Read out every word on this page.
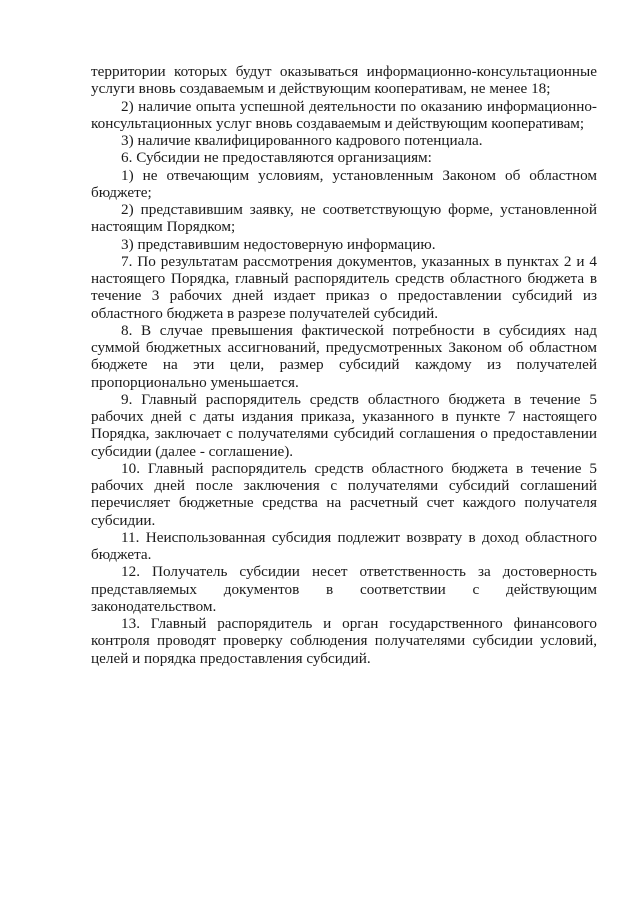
территории которых будут оказываться информационно-консультационные
услуги вновь создаваемым и действующим кооперативам, не менее 18;
2) наличие опыта успешной деятельности по оказанию информационно-
консультационных услуг вновь создаваемым и действующим кооперативам;
3) наличие квалифицированного кадрового потенциала.
6. Субсидии не предоставляются организациям:
1) не отвечающим условиям, установленным Законом об областном
бюджете;
2) представившим заявку, не соответствующую форме, установленной
настоящим Порядком;
3) представившим недостоверную информацию.
7. По результатам рассмотрения документов, указанных в пунктах 2 и 4
настоящего Порядка, главный распорядитель средств областного бюджета в
течение 3 рабочих дней издает приказ о предоставлении субсидий из
областного бюджета в разрезе получателей субсидий.
8. В случае превышения фактической потребности в субсидиях над
суммой бюджетных ассигнований, предусмотренных Законом об областном
бюджете на эти цели, размер субсидий каждому из получателей
пропорционально уменьшается.
9. Главный распорядитель средств областного бюджета в течение 5
рабочих дней с даты издания приказа, указанного в пункте 7 настоящего
Порядка, заключает с получателями субсидий соглашения о предоставлении
субсидии (далее - соглашение).
10. Главный распорядитель средств областного бюджета в течение 5
рабочих дней после заключения с получателями субсидий соглашений
перечисляет бюджетные средства на расчетный счет каждого получателя
субсидии.
11. Неиспользованная субсидия подлежит возврату в доход областного
бюджета.
12. Получатель субсидии несет ответственность за достоверность
представляемых документов в соответствии с действующим
законодательством.
13. Главный распорядитель и орган государственного финансового
контроля проводят проверку соблюдения получателями субсидии условий,
целей и порядка предоставления субсидий.
